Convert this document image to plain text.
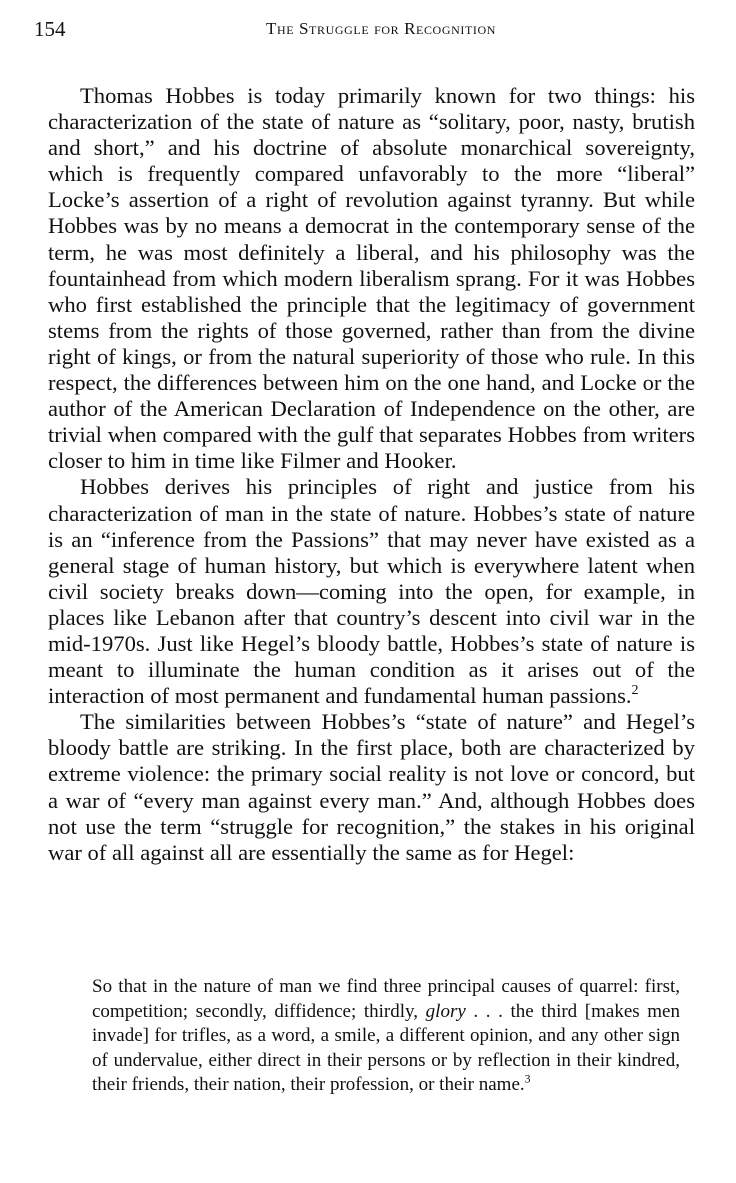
154	The Struggle for Recognition

Thomas Hobbes is today primarily known for two things: his characterization of the state of nature as “solitary, poor, nasty, brutish and short,” and his doctrine of absolute monarchical sovereignty, which is frequently compared unfavorably to the more “liberal” Locke’s assertion of a right of revolution against tyranny. But while Hobbes was by no means a democrat in the contemporary sense of the term, he was most definitely a liberal, and his philosophy was the fountainhead from which modern liberalism sprang. For it was Hobbes who first established the principle that the legitimacy of government stems from the rights of those governed, rather than from the divine right of kings, or from the natural superiority of those who rule. In this respect, the differences between him on the one hand, and Locke or the author of the American Declaration of Independence on the other, are trivial when compared with the gulf that separates Hobbes from writers closer to him in time like Filmer and Hooker.

Hobbes derives his principles of right and justice from his characterization of man in the state of nature. Hobbes’s state of nature is an “inference from the Passions” that may never have existed as a general stage of human history, but which is everywhere latent when civil society breaks down—coming into the open, for example, in places like Lebanon after that country’s descent into civil war in the mid-1970s. Just like Hegel’s bloody battle, Hobbes’s state of nature is meant to illuminate the human condition as it arises out of the interaction of most permanent and fundamental human passions.$^2$

The similarities between Hobbes’s “state of nature” and Hegel’s bloody battle are striking. In the first place, both are characterized by extreme violence: the primary social reality is not love or concord, but a war of “every man against every man.” And, although Hobbes does not use the term “struggle for recognition,” the stakes in his original war of all against all are essentially the same as for Hegel:

So that in the nature of man we find three principal causes of quarrel: first, competition; secondly, diffidence; thirdly, glory . . . the third [makes men invade] for trifles, as a word, a smile, a different opinion, and any other sign of undervalue, either direct in their persons or by reflection in their kindred, their friends, their nation, their profession, or their name.$^3$
